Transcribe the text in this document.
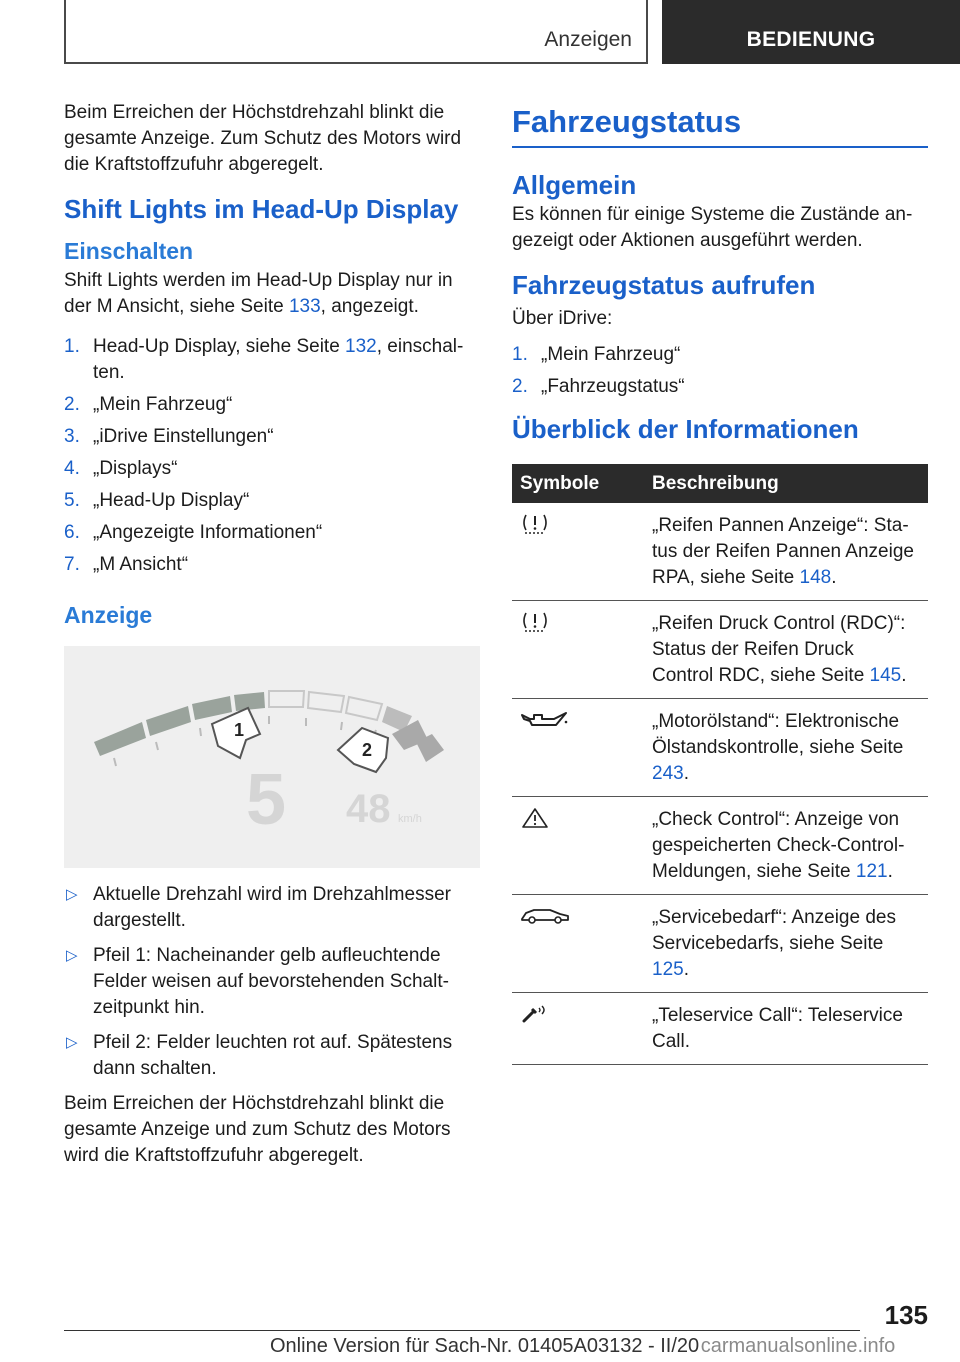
Anzeigen	BEDIENUNG

Beim Erreichen der Höchstdrehzahl blinkt die gesamte Anzeige. Zum Schutz des Motors wird die Kraftstoffzufuhr abgeregelt.

Shift Lights im Head-Up Display
Einschalten

Shift Lights werden im Head-Up Display nur in der M Ansicht, siehe Seite 133, angezeigt.

1. Head-Up Display, siehe Seite 132, einschal-ten.
2. „Mein Fahrzeug“
3. „iDrive Einstellungen“
4. „Displays“
5. „Head-Up Display“
6. „Angezeigte Informationen“
7. „M Ansicht“
Anzeige
1
2
5 48 km/h
▷ Aktuelle Drehzahl wird im Drehzahlmesser dargestellt.
▷ Pfeil 1: Nacheinander gelb aufleuchtende Felder weisen auf bevorstehenden Schalt-zeitpunkt hin.
▷ Pfeil 2: Felder leuchten rot auf. Spätestens dann schalten.

Beim Erreichen der Höchstdrehzahl blinkt die gesamte Anzeige und zum Schutz des Motors wird die Kraftstoffzufuhr abgeregelt.

Fahrzeugstatus
Allgemein

Es können für einige Systeme die Zustände an-gezeigt oder Aktionen ausgeführt werden.

Fahrzeugstatus aufrufen

Über iDrive:

1. „Mein Fahrzeug“
2. „Fahrzeugstatus“
Überblick der Informationen
Symbole	Beschreibung
	„Reifen Pannen Anzeige“: Sta-tus der Reifen Pannen Anzeige RPA, siehe Seite 148.
	„Reifen Druck Control (RDC)“: Status der Reifen Druck Control RDC, siehe Seite 145.
	„Motorölstand“: Elektronische Ölstandskontrolle, siehe Seite 243.
	„Check Control“: Anzeige von gespeicherten Check-Control-Meldungen, siehe Seite 121.
	„Servicebedarf“: Anzeige des Servicebedarfs, siehe Seite 125.
	„Teleservice Call“: Teleservice Call.
135
Online Version für Sach-Nr. 01405A03132 - II/20 carmanualsonline.info
